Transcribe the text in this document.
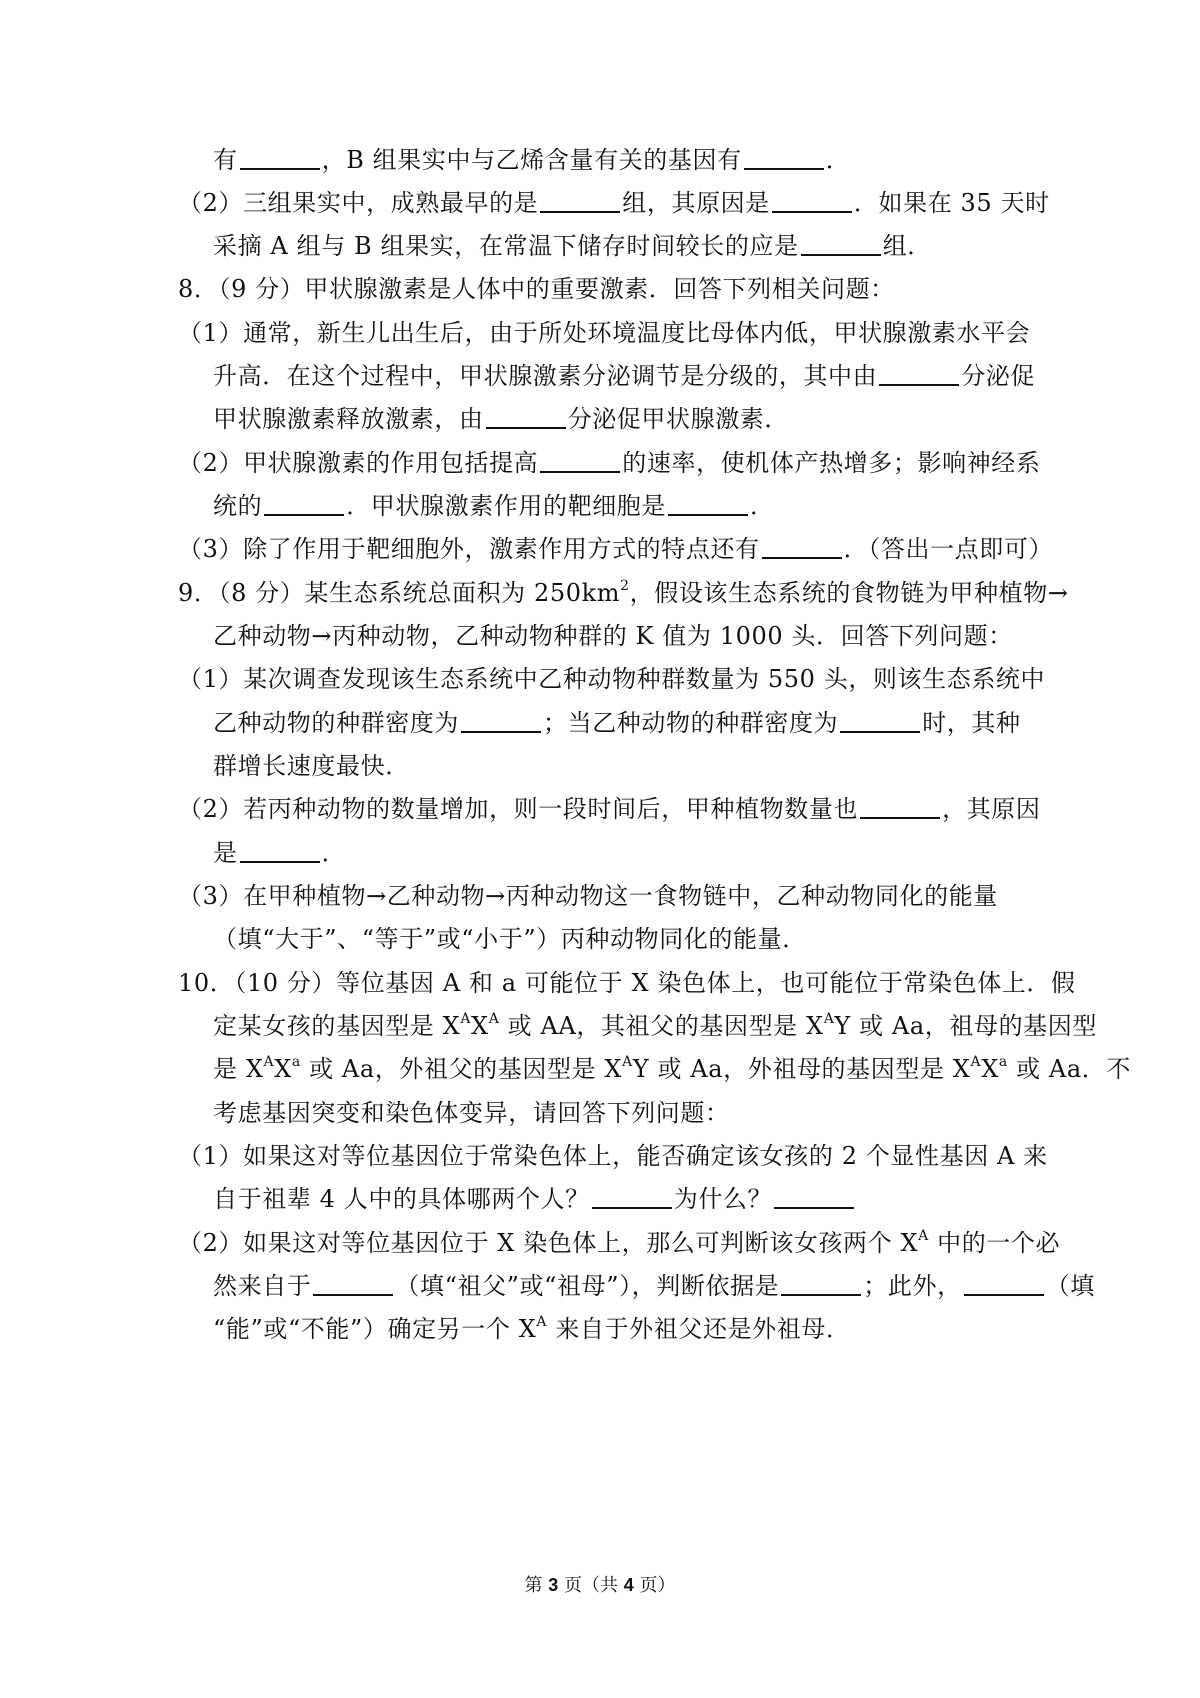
有	，B 组果实中与乙烯含量有关的基因有	．
（2）三组果实中，成熟最早的是	组，其原因是	．如果在 35 天时
采摘 A 组与 B 组果实，在常温下储存时间较长的应是	组．
8．（9 分）甲状腺激素是人体中的重要激素．回答下列相关问题：
（1）通常，新生儿出生后，由于所处环境温度比母体内低，甲状腺激素水平会
升高．在这个过程中，甲状腺激素分泌调节是分级的，其中由	分泌促
甲状腺激素释放激素，由	分泌促甲状腺激素．
（2）甲状腺激素的作用包括提高	的速率，使机体产热增多；影响神经系
统的	．甲状腺激素作用的靶细胞是	．
（3）除了作用于靶细胞外，激素作用方式的特点还有	．（答出一点即可）
9．（8 分）某生态系统总面积为 $250km^2$，假设该生态系统的食物链为甲种植物→
乙种动物→丙种动物，乙种动物种群的 K 值为 1000 头．回答下列问题：
（1）某次调查发现该生态系统中乙种动物种群数量为 550 头，则该生态系统中
乙种动物的种群密度为	；当乙种动物的种群密度为	时，其种
群增长速度最快．
（2）若丙种动物的数量增加，则一段时间后，甲种植物数量也	，其原因
是	．
（3）在甲种植物→乙种动物→丙种动物这一食物链中，乙种动物同化的能量
（填“大于”、“等于”或“小于”）丙种动物同化的能量．
10．（10 分）等位基因 A 和 a 可能位于 X 染色体上，也可能位于常染色体上．假
定某女孩的基因型是 $X^AX^A$ 或 AA，其祖父的基因型是 $X^AY$ 或 Aa，祖母的基因型
是 $X^AX^a$ 或 Aa，外祖父的基因型是 $X^AY$ 或 Aa，外祖母的基因型是 $X^AX^a$ 或 Aa．不
考虑基因突变和染色体变异，请回答下列问题：
（1）如果这对等位基因位于常染色体上，能否确定该女孩的 2 个显性基因 A 来
自于祖辈 4 人中的具体哪两个人？	为什么？
（2）如果这对等位基因位于 X 染色体上，那么可判断该女孩两个 $X^A$ 中的一个必
然来自于	（填“祖父”或“祖母”），判断依据是	；此外，	（填
“能”或“不能”）确定另一个 $X^A$ 来自于外祖父还是外祖母．
第 3 页（共 4 页）
